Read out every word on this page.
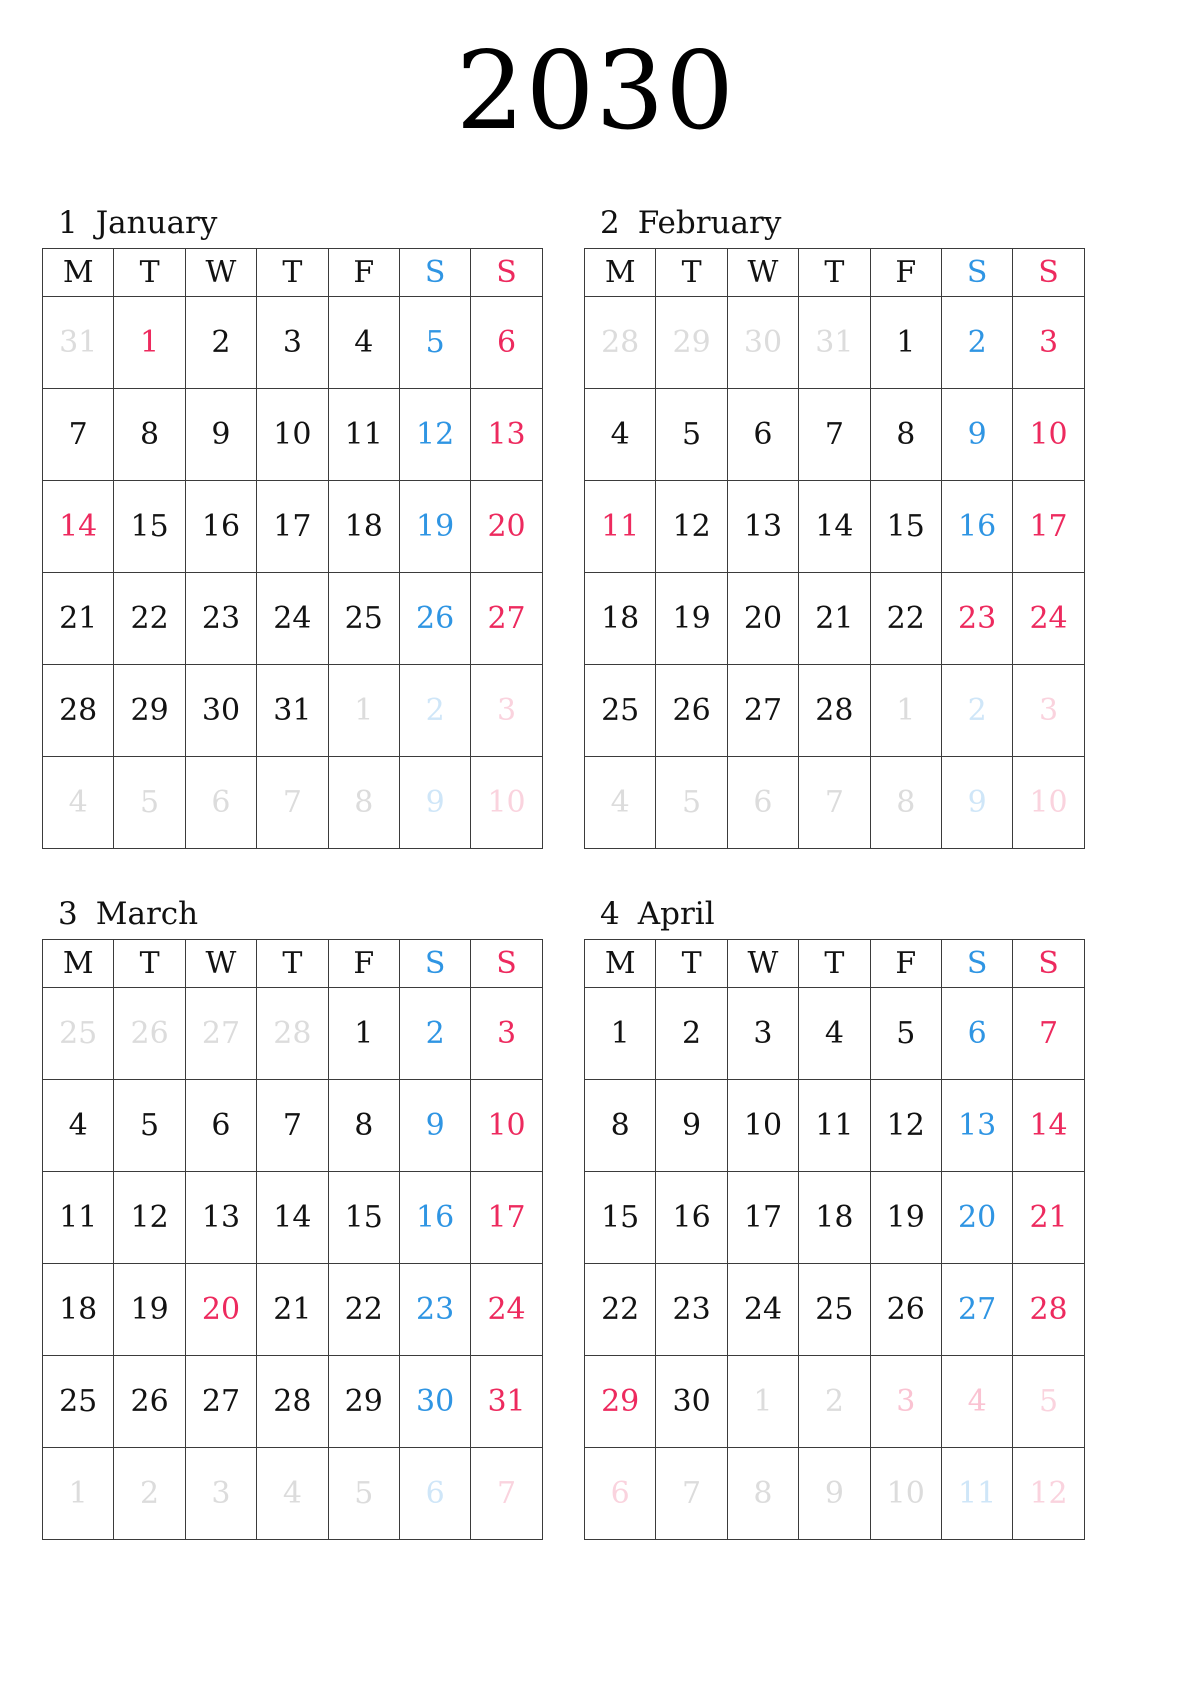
2030
1 January
M	T	W	T	F	S	S
31	1	2	3	4	5	6
7	8	9	10	11	12	13
14	15	16	17	18	19	20
21	22	23	24	25	26	27
28	29	30	31	1	2	3
4	5	6	7	8	9	10
2 February
M	T	W	T	F	S	S
28	29	30	31	1	2	3
4	5	6	7	8	9	10
11	12	13	14	15	16	17
18	19	20	21	22	23	24
25	26	27	28	1	2	3
4	5	6	7	8	9	10
3 March
M	T	W	T	F	S	S
25	26	27	28	1	2	3
4	5	6	7	8	9	10
11	12	13	14	15	16	17
18	19	20	21	22	23	24
25	26	27	28	29	30	31
1	2	3	4	5	6	7
4 April
M	T	W	T	F	S	S
1	2	3	4	5	6	7
8	9	10	11	12	13	14
15	16	17	18	19	20	21
22	23	24	25	26	27	28
29	30	1	2	3	4	5
6	7	8	9	10	11	12
